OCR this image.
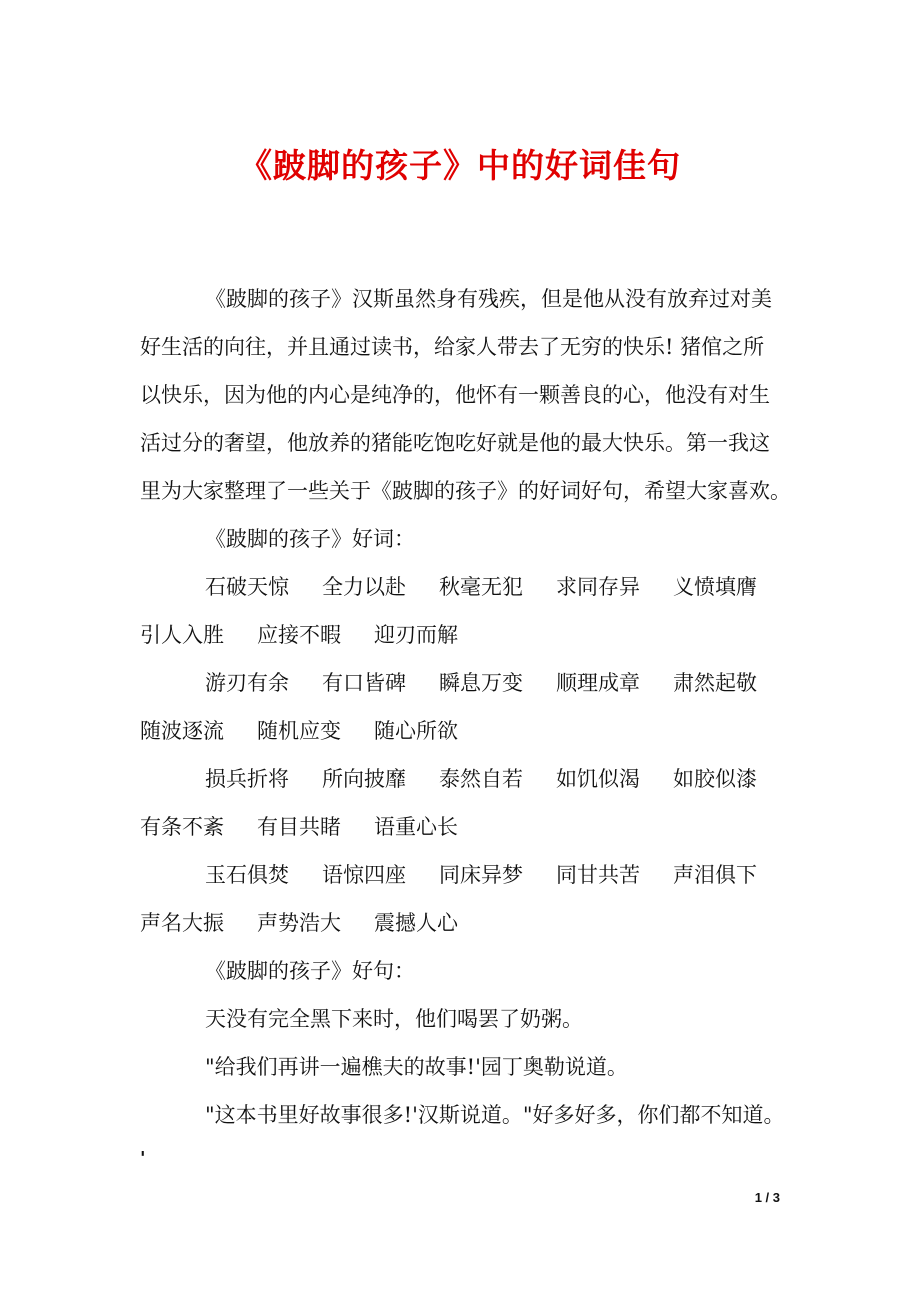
《跛脚的孩子》中的好词佳句
《跛脚的孩子》汉斯虽然身有残疾，但是他从没有放弃过对美
好生活的向往，并且通过读书，给家人带去了无穷的快乐! 猪倌之所
以快乐，因为他的内心是纯净的，他怀有一颗善良的心，他没有对生
活过分的奢望，他放养的猪能吃饱吃好就是他的最大快乐。第一我这
里为大家整理了一些关于《跛脚的孩子》的好词好句，希望大家喜欢。
《跛脚的孩子》好词：
石破天惊 全力以赴 秋毫无犯 求同存异 义愤填膺
引人入胜 应接不暇 迎刃而解
游刃有余 有口皆碑 瞬息万变 顺理成章 肃然起敬
随波逐流 随机应变 随心所欲
损兵折将 所向披靡 泰然自若 如饥似渴 如胶似漆
有条不紊 有目共睹 语重心长
玉石俱焚 语惊四座 同床异梦 同甘共苦 声泪俱下
声名大振 声势浩大 震撼人心
《跛脚的孩子》好句：
天没有完全黑下来时，他们喝罢了奶粥。
"给我们再讲一遍樵夫的故事!'园丁奥勒说道。
"这本书里好故事很多!'汉斯说道。"好多好多，你们都不知道。
'
1 / 3
